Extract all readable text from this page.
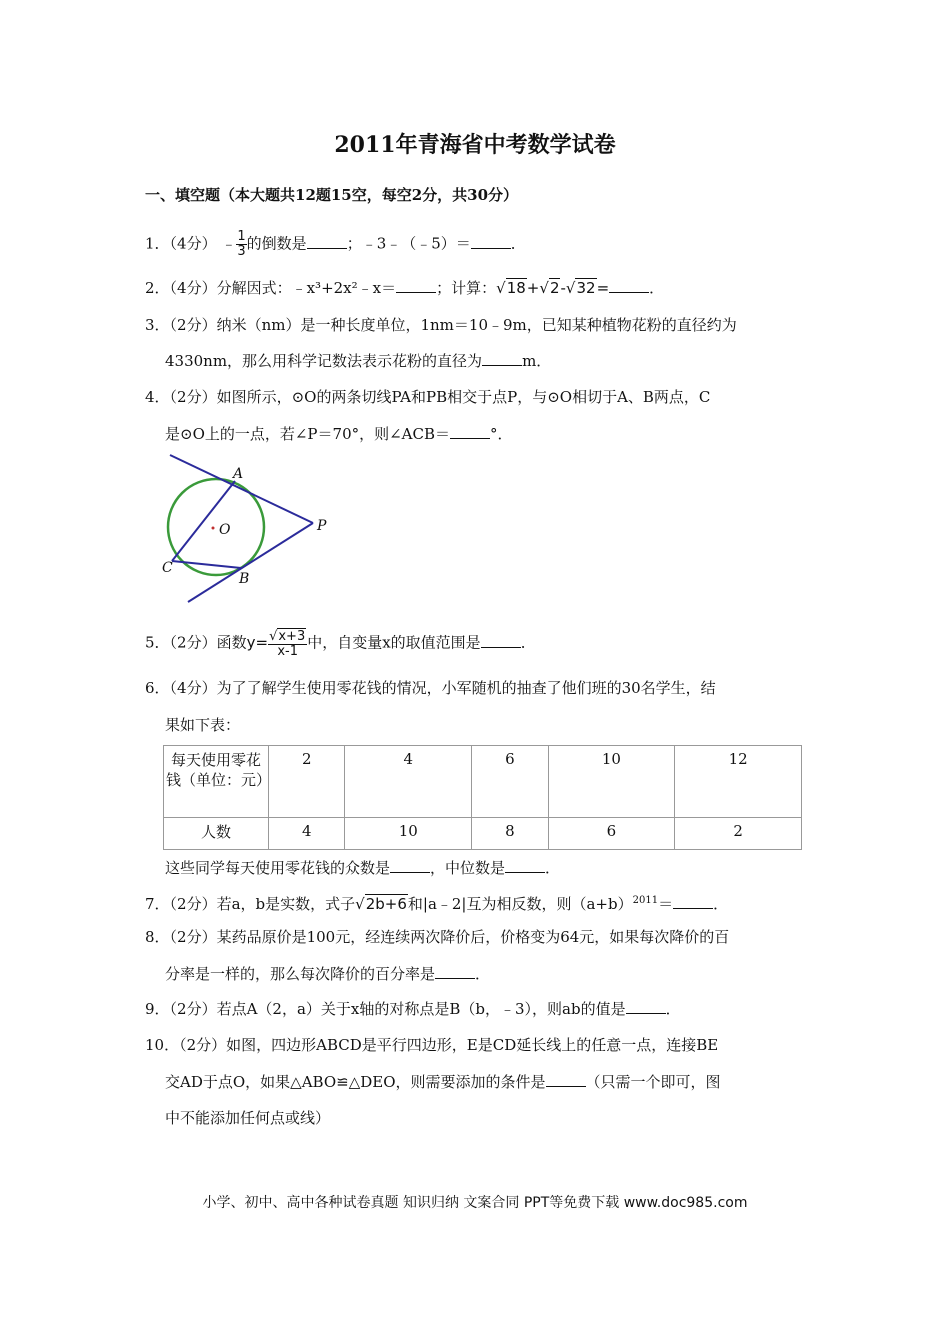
2011年青海省中考数学试卷
一、填空题（本大题共12题15空，每空2分，共30分）
1．（4分） ﹣ $\frac{1}{3}$ 的倒数是	；﹣3﹣（﹣5）＝	．
2．（4分）分解因式：﹣x³+2x²﹣x＝	；计算：√18+√2-√32=	．
3．（2分）纳米（nm）是一种长度单位，1nm＝10﹣9m，已知某种植物花粉的直径约为
4330nm，那么用科学记数法表示花粉的直径为	m．
4．（2分）如图所示，⊙O的两条切线PA和PB相交于点P，与⊙O相切于A、B两点，C
是⊙O上的一点，若∠P＝70°，则∠ACB＝	°．
A
O	P
C
B
5．（2分）函数$y= \frac{√x+3}{x-1}$ 中，自变量x的取值范围是	．
6．（4分）为了了解学生使用零花钱的情况，小军随机的抽查了他们班的30名学生，结
果如下表：
每天使用零花钱（单位：元）	2	4	6	10	12
人数	4	10	8	6	2
这些同学每天使用零花钱的众数是	，中位数是	．
7．（2分）若a，b是实数，式子√2b+6和|a﹣2|互为相反数，则$(a+b)^{2011}=$	．
8．（2分）某药品原价是100元，经连续两次降价后，价格变为64元，如果每次降价的百
分率是一样的，那么每次降价的百分率是	．
9．（2分）若点A（2，a）关于x轴的对称点是B（b，﹣3），则ab的值是	．
10．（2分）如图，四边形ABCD是平行四边形，E是CD延长线上的任意一点，连接BE
交AD于点O，如果△ABO≌△DEO，则需要添加的条件是	（只需一个即可，图
中不能添加任何点或线）
小学、初中、高中各种试卷真题 知识归纳 文案合同 PPT等免费下载 www.doc985.com
